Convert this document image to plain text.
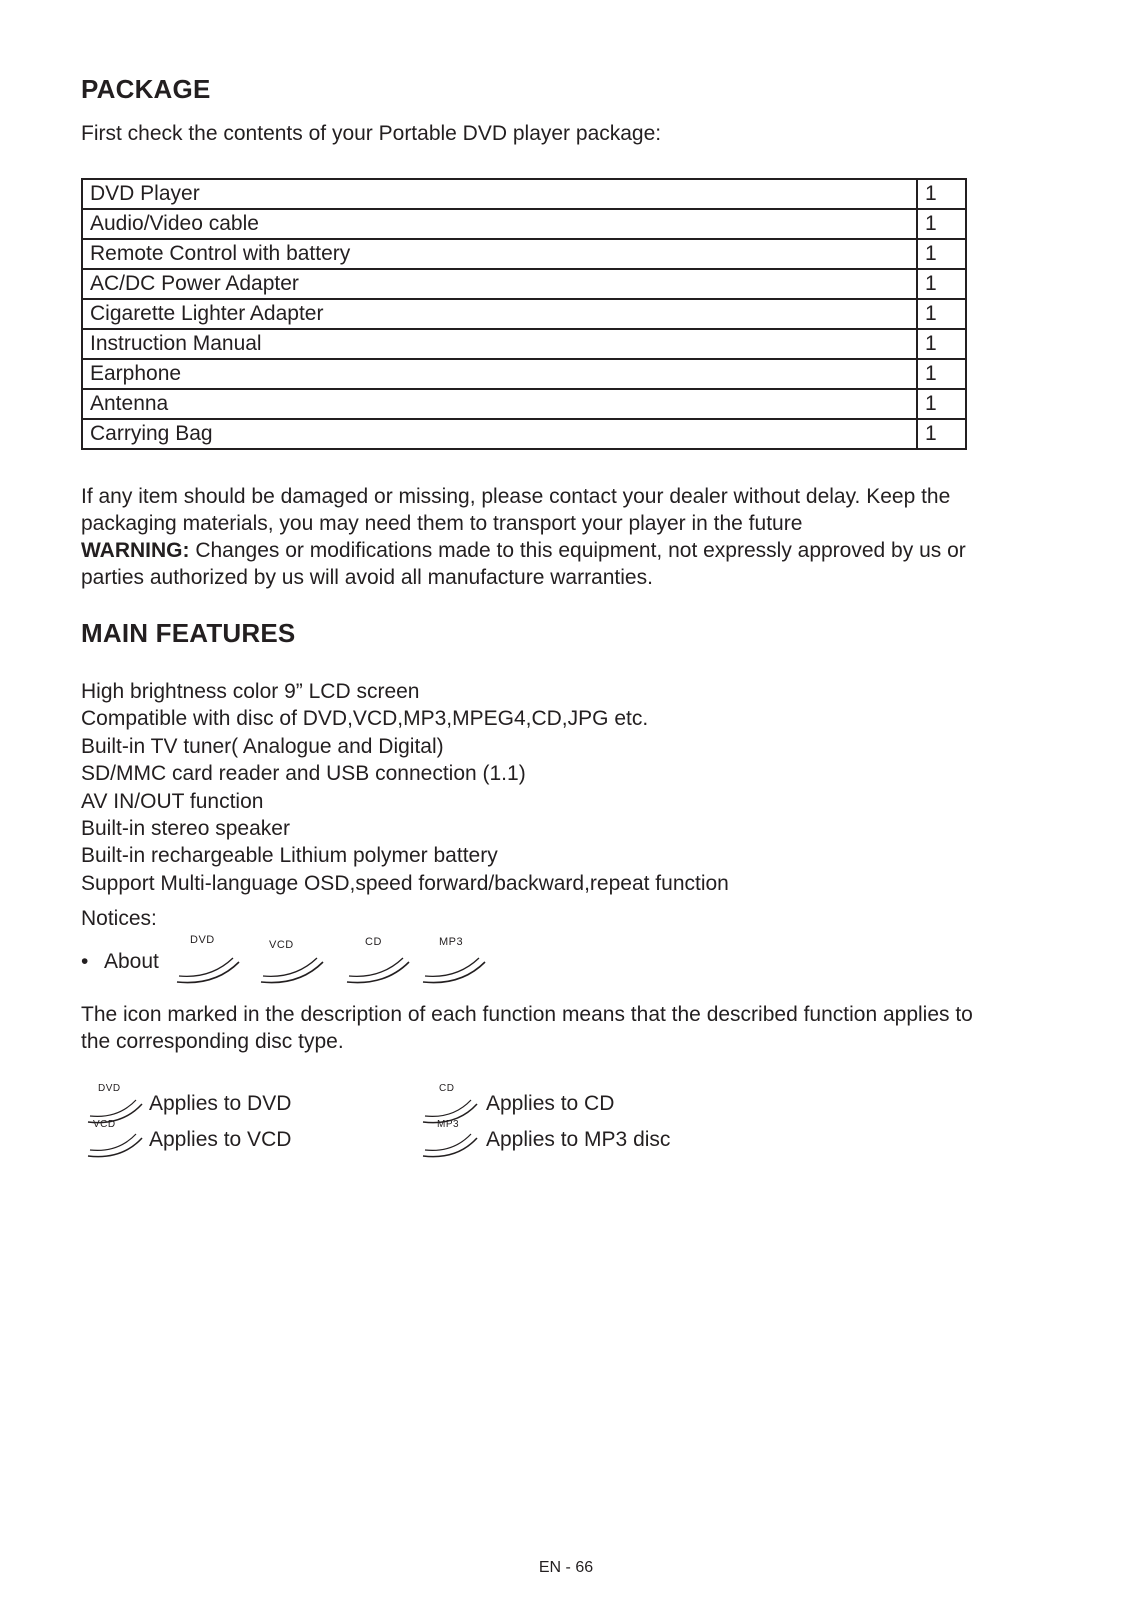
PACKAGE

First check the contents of your Portable DVD player package:

DVD Player	1
Audio/Video cable	1
Remote Control with battery	1
AC/DC Power Adapter	1
Cigarette Lighter Adapter	1
Instruction Manual	1
Earphone	1
Antenna	1
Carrying Bag	1

If any item should be damaged or missing, please contact your dealer without delay. Keep the

packaging materials, you may need them to transport your player in the future

WARNING: Changes or modifications made to this equipment, not expressly approved by us or

parties authorized by us will avoid all manufacture warranties.

MAIN FEATURES
High brightness color 9” LCD screen
Compatible with disc of DVD,VCD,MP3,MPEG4,CD,JPG etc.
Built-in TV tuner( Analogue and Digital)
SD/MMC card reader and USB connection (1.1)
AV IN/OUT function
Built-in stereo speaker
Built-in rechargeable Lithium polymer battery
Support Multi-language OSD,speed forward/backward,repeat function

Notices:

• About
DVD	VCD	CD	MP3

The icon marked in the description of each function means that the described function applies to

the corresponding disc type.

DVD
Applies to DVD
VCD
Applies to VCD
CD
Applies to CD
MP3
Applies to MP3 disc
EN - 66
